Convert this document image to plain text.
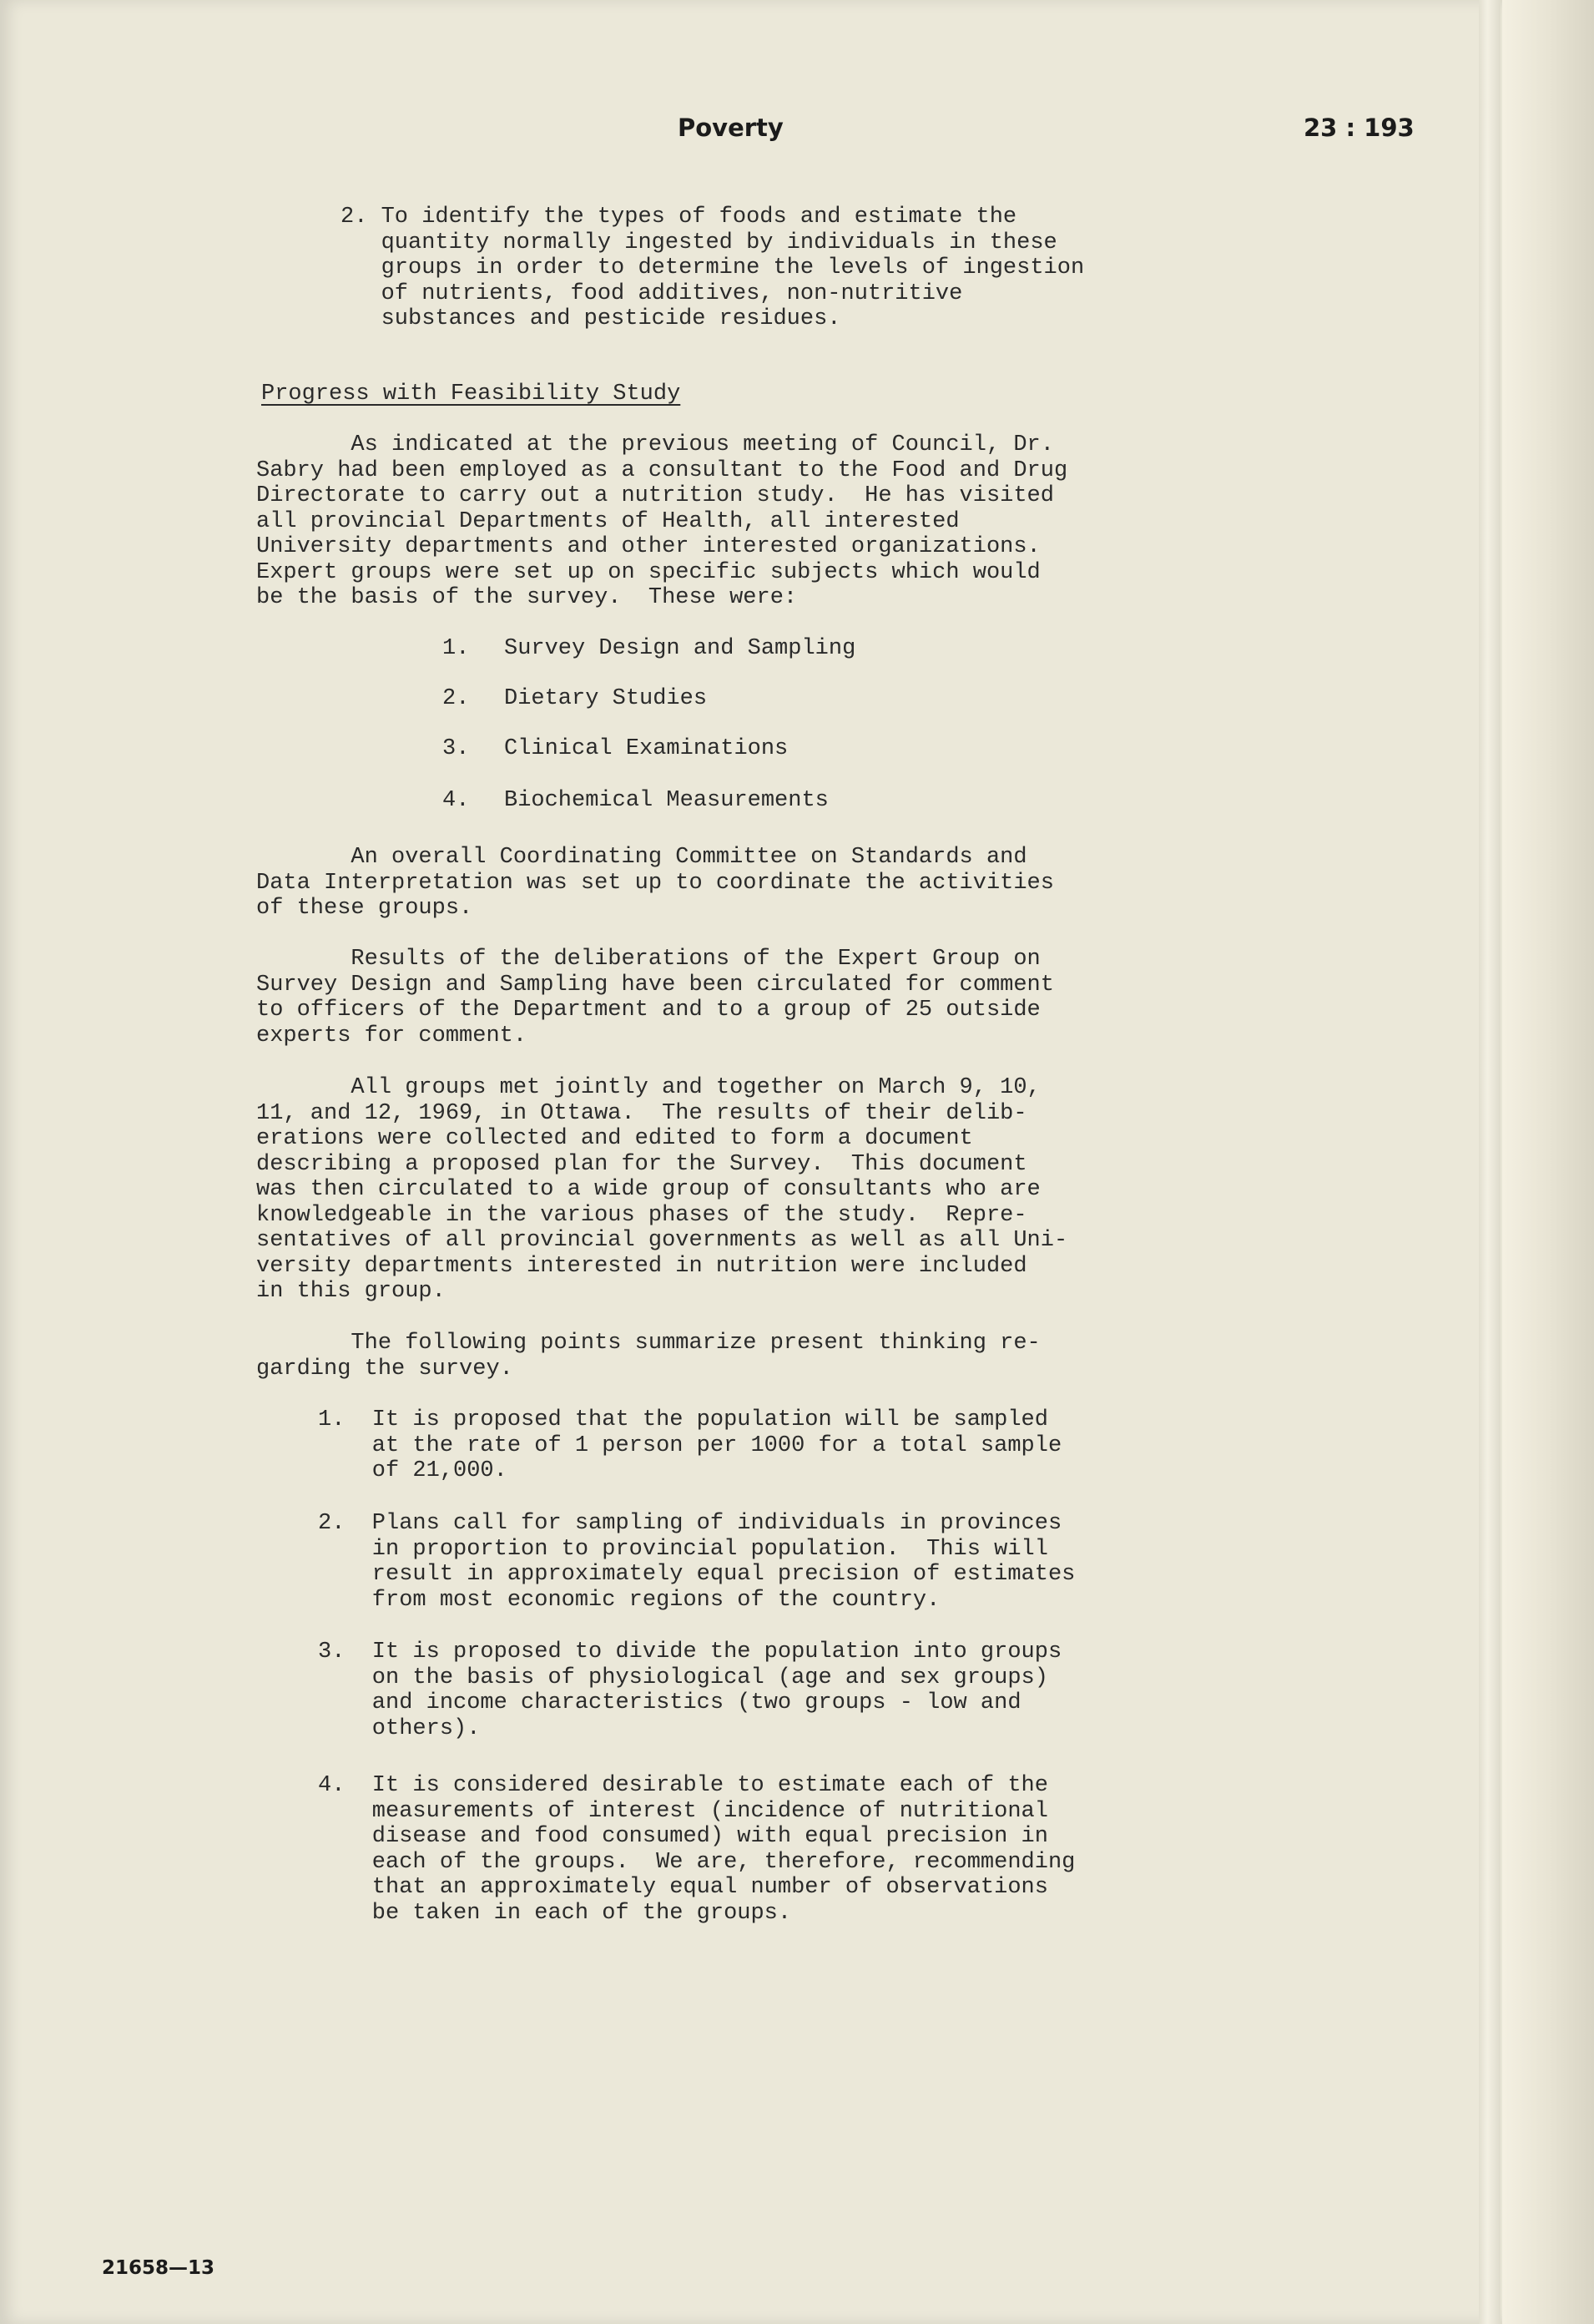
Poverty	23 : 193
2. To identify the types of foods and estimate the
quantity normally ingested by individuals in these
groups in order to determine the levels of ingestion
of nutrients, food additives, non-nutritive
substances and pesticide residues.
Progress with Feasibility Study
As indicated at the previous meeting of Council, Dr.
Sabry had been employed as a consultant to the Food and Drug
Directorate to carry out a nutrition study.  He has visited
all provincial Departments of Health, all interested
University departments and other interested organizations.
Expert groups were set up on specific subjects which would
be the basis of the survey.  These were:
1. Survey Design and Sampling
2. Dietary Studies
3. Clinical Examinations
4. Biochemical Measurements
An overall Coordinating Committee on Standards and
Data Interpretation was set up to coordinate the activities
of these groups.
Results of the deliberations of the Expert Group on
Survey Design and Sampling have been circulated for comment
to officers of the Department and to a group of 25 outside
experts for comment.
All groups met jointly and together on March 9, 10,
11, and 12, 1969, in Ottawa.  The results of their delib-
erations were collected and edited to form a document
describing a proposed plan for the Survey.  This document
was then circulated to a wide group of consultants who are
knowledgeable in the various phases of the study.  Repre-
sentatives of all provincial governments as well as all Uni-
versity departments interested in nutrition were included
in this group.
The following points summarize present thinking re-
garding the survey.
1.  It is proposed that the population will be sampled
at the rate of 1 person per 1000 for a total sample
of 21,000.
2.  Plans call for sampling of individuals in provinces
in proportion to provincial population.  This will
result in approximately equal precision of estimates
from most economic regions of the country.
3.  It is proposed to divide the population into groups
on the basis of physiological (age and sex groups)
and income characteristics (two groups - low and
others).
4.  It is considered desirable to estimate each of the
measurements of interest (incidence of nutritional
disease and food consumed) with equal precision in
each of the groups.  We are, therefore, recommending
that an approximately equal number of observations
be taken in each of the groups.
21658—13
